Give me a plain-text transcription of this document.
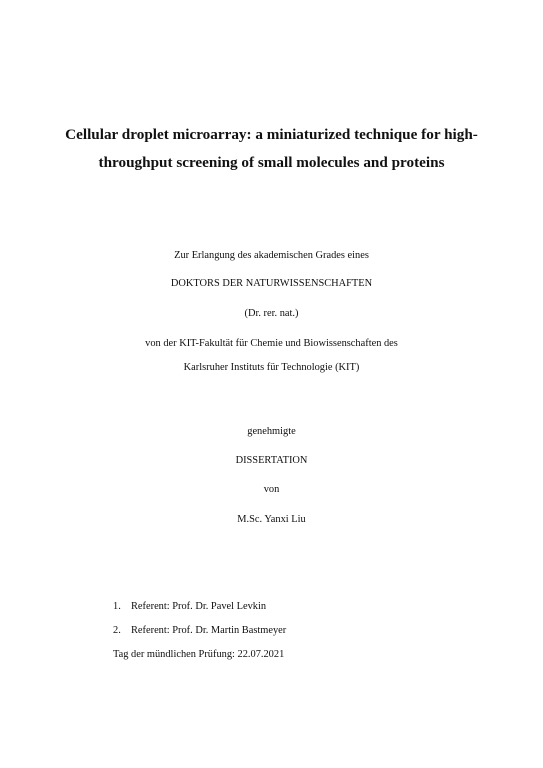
Cellular droplet microarray: a miniaturized technique for high-
throughput screening of small molecules and proteins
Zur Erlangung des akademischen Grades eines
DOKTORS DER NATURWISSENSCHAFTEN
(Dr. rer. nat.)
von der KIT-Fakultät für Chemie und Biowissenschaften des
Karlsruher Instituts für Technologie (KIT)
genehmigte
DISSERTATION
von
M.Sc. Yanxi Liu
1. Referent: Prof. Dr. Pavel Levkin
2. Referent: Prof. Dr. Martin Bastmeyer
Tag der mündlichen Prüfung: 22.07.2021
